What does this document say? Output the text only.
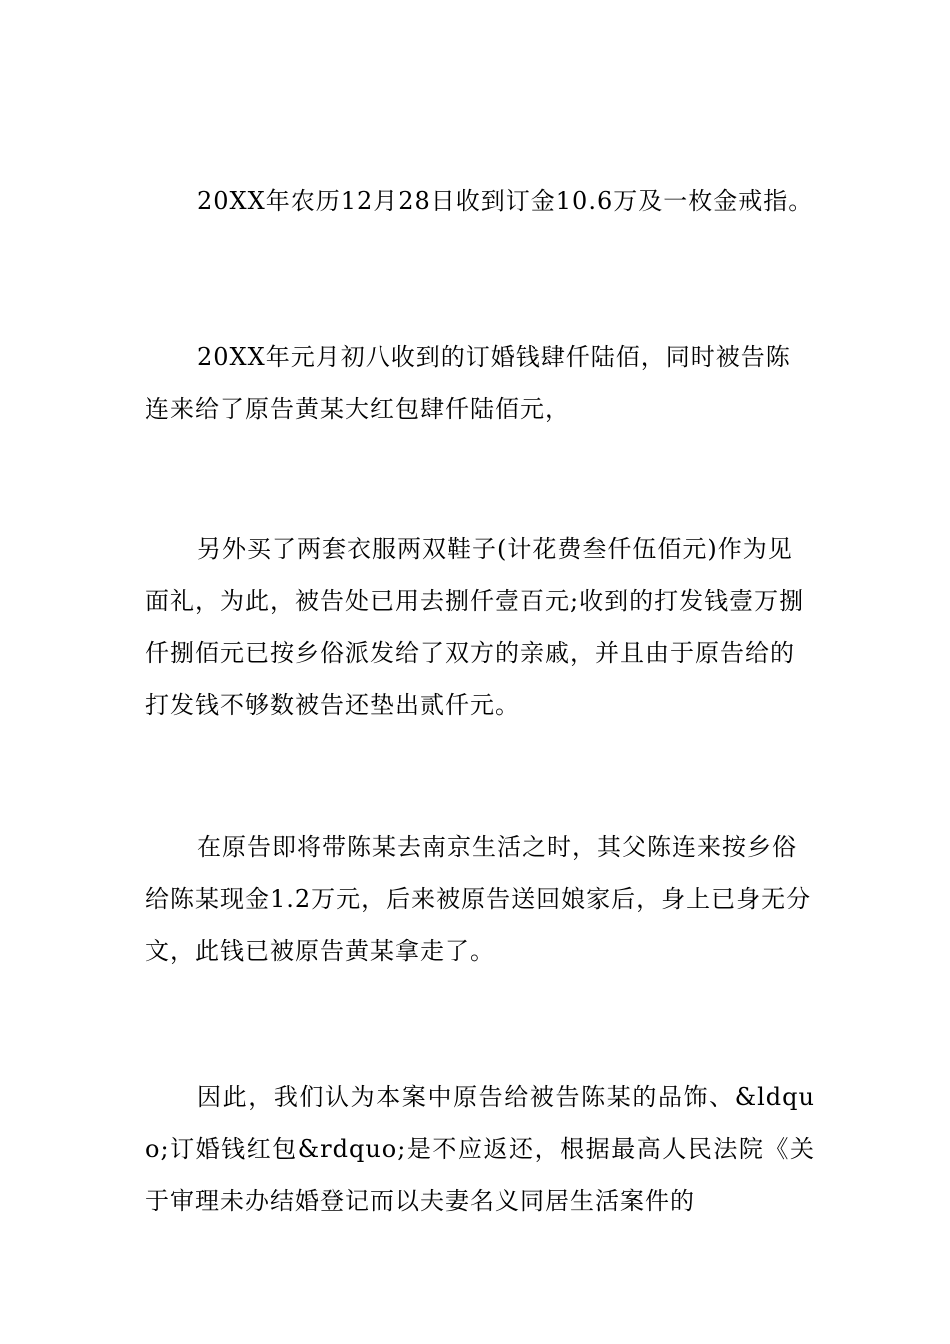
20XX年农历12月28日收到订金10.6万及一枚金戒指。

20XX年元月初八收到的订婚钱肆仟陆佰，同时被告陈连来给了原告黄某大红包肆仟陆佰元，

另外买了两套衣服两双鞋子(计花费叁仟伍佰元)作为见面礼，为此，被告处已用去捌仟壹百元;收到的打发钱壹万捌仟捌佰元已按乡俗派发给了双方的亲戚，并且由于原告给的打发钱不够数被告还垫出贰仟元。

在原告即将带陈某去南京生活之时，其父陈连来按乡俗给陈某现金1.2万元，后来被原告送回娘家后，身上已身无分文，此钱已被原告黄某拿走了。

因此，我们认为本案中原告给被告陈某的品饰、&ldquo;订婚钱红包&rdquo;是不应返还，根据最高人民法院《关于审理未办结婚登记而以夫妻名义同居生活案件的
